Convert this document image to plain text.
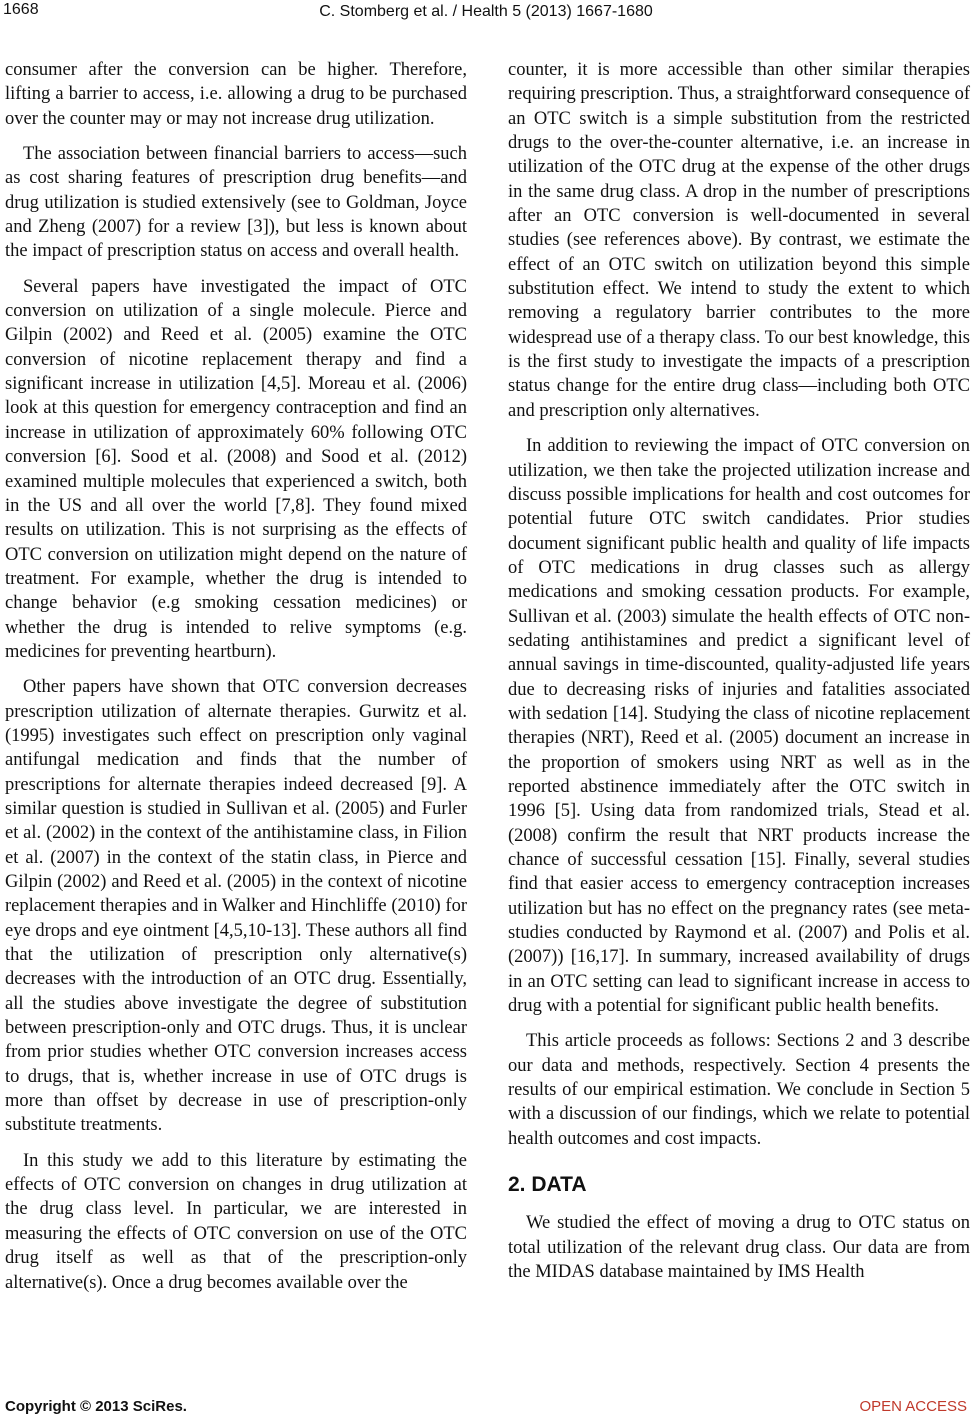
1668	C. Stomberg et al. / Health 5 (2013) 1667-1680

consumer after the conversion can be higher. Therefore, lifting a barrier to access, i.e. allowing a drug to be purchased over the counter may or may not increase drug utilization.

The association between financial barriers to access—such as cost sharing features of prescription drug benefits—and drug utilization is studied extensively (see to Goldman, Joyce and Zheng (2007) for a review [3]), but less is known about the impact of prescription status on access and overall health.

Several papers have investigated the impact of OTC conversion on utilization of a single molecule. Pierce and Gilpin (2002) and Reed et al. (2005) examine the OTC conversion of nicotine replacement therapy and find a significant increase in utilization [4,5]. Moreau et al. (2006) look at this question for emergency contraception and find an increase in utilization of approximately 60% following OTC conversion [6]. Sood et al. (2008) and Sood et al. (2012) examined multiple molecules that experienced a switch, both in the US and all over the world [7,8]. They found mixed results on utilization. This is not surprising as the effects of OTC conversion on utilization might depend on the nature of treatment. For example, whether the drug is intended to change behavior (e.g smoking cessation medicines) or whether the drug is intended to relive symptoms (e.g. medicines for preventing heartburn).

Other papers have shown that OTC conversion decreases prescription utilization of alternate therapies. Gurwitz et al. (1995) investigates such effect on prescription only vaginal antifungal medication and finds that the number of prescriptions for alternate therapies indeed decreased [9]. A similar question is studied in Sullivan et al. (2005) and Furler et al. (2002) in the context of the antihistamine class, in Filion et al. (2007) in the context of the statin class, in Pierce and Gilpin (2002) and Reed et al. (2005) in the context of nicotine replacement therapies and in Walker and Hinchliffe (2010) for eye drops and eye ointment [4,5,10-13]. These authors all find that the utilization of prescription only alternative(s) decreases with the introduction of an OTC drug. Essentially, all the studies above investigate the degree of substitution between prescription-only and OTC drugs. Thus, it is unclear from prior studies whether OTC conversion increases access to drugs, that is, whether increase in use of OTC drugs is more than offset by decrease in use of prescription-only substitute treatments.

In this study we add to this literature by estimating the effects of OTC conversion on changes in drug utilization at the drug class level. In particular, we are interested in measuring the effects of OTC conversion on use of the OTC drug itself as well as that of the prescription-only alternative(s). Once a drug becomes available over the

counter, it is more accessible than other similar therapies requiring prescription. Thus, a straightforward consequence of an OTC switch is a simple substitution from the restricted drugs to the over-the-counter alternative, i.e. an increase in utilization of the OTC drug at the expense of the other drugs in the same drug class. A drop in the number of prescriptions after an OTC conversion is well-documented in several studies (see references above). By contrast, we estimate the effect of an OTC switch on utilization beyond this simple substitution effect. We intend to study the extent to which removing a regulatory barrier contributes to the more widespread use of a therapy class. To our best knowledge, this is the first study to investigate the impacts of a prescription status change for the entire drug class—including both OTC and prescription only alternatives.

In addition to reviewing the impact of OTC conversion on utilization, we then take the projected utilization increase and discuss possible implications for health and cost outcomes for potential future OTC switch candidates. Prior studies document significant public health and quality of life impacts of OTC medications in drug classes such as allergy medications and smoking cessation products. For example, Sullivan et al. (2003) simulate the health effects of OTC non-sedating antihistamines and predict a significant level of annual savings in time-discounted, quality-adjusted life years due to decreasing risks of injuries and fatalities associated with sedation [14]. Studying the class of nicotine replacement therapies (NRT), Reed et al. (2005) document an increase in the proportion of smokers using NRT as well as in the reported abstinence immediately after the OTC switch in 1996 [5]. Using data from randomized trials, Stead et al. (2008) confirm the result that NRT products increase the chance of successful cessation [15]. Finally, several studies find that easier access to emergency contraception increases utilization but has no effect on the pregnancy rates (see meta-studies conducted by Raymond et al. (2007) and Polis et al. (2007)) [16,17]. In summary, increased availability of drugs in an OTC setting can lead to significant increase in access to drug with a potential for significant public health benefits.

This article proceeds as follows: Sections 2 and 3 describe our data and methods, respectively. Section 4 presents the results of our empirical estimation. We conclude in Section 5 with a discussion of our findings, which we relate to potential health outcomes and cost impacts.

2. DATA

We studied the effect of moving a drug to OTC status on total utilization of the relevant drug class. Our data are from the MIDAS database maintained by IMS Health

Copyright © 2013 SciRes.	OPEN ACCESS
